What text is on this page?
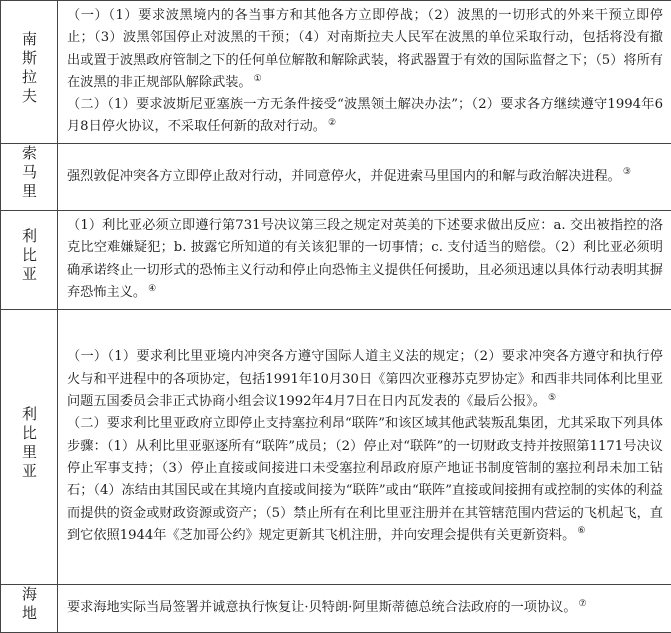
南斯拉夫	（一）（1）要求波黑境内的各当事方和其他各方立即停战；（2）波黑的一切形式的外来干预立即停止；（3）波黑邻国停止对波黑的干预；（4）对南斯拉夫人民军在波黑的单位采取行动，包括将没有撤出或置于波黑政府管制之下的任何单位解散和解除武装，将武器置于有效的国际监督之下；（5）将所有在波黑的非正规部队解除武装。 ①

（二）（1）要求波斯尼亚塞族一方无条件接受“波黑领土解决办法”；（2）要求各方继续遵守1994年6月8日停火协议，不采取任何新的敌对行动。 ②

索马里	强烈敦促冲突各方立即停止敌对行动，并同意停火，并促进索马里国内的和解与政治解决进程。 ③

利比亚	（1）利比亚必须立即遵行第731号决议第三段之规定对英美的下述要求做出反应：a. 交出被指控的洛克比空难嫌疑犯；b. 披露它所知道的有关该犯罪的一切事情；c. 支付适当的赔偿。（2）利比亚必须明确承诺终止一切形式的恐怖主义行动和停止向恐怖主义提供任何援助，且必须迅速以具体行动表明其摒弃恐怖主义。 ④

利比里亚	（一）（1）要求利比里亚境内冲突各方遵守国际人道主义法的规定；（2）要求冲突各方遵守和执行停火与和平进程中的各项协定，包括1991年10月30日《第四次亚穆苏克罗协定》和西非共同体利比里亚问题五国委员会非正式协商小组会议1992年4月7日在日内瓦发表的《最后公报》。 ⑤

（二）要求利比里亚政府立即停止支持塞拉利昂“联阵”和该区域其他武装叛乱集团，尤其采取下列具体步骤：（1）从利比里亚驱逐所有“联阵”成员；（2）停止对“联阵”的一切财政支持并按照第1171号决议停止军事支持；（3）停止直接或间接进口未受塞拉利昂政府原产地证书制度管制的塞拉利昂未加工钻石；（4）冻结由其国民或在其境内直接或间接为“联阵”或由“联阵”直接或间接拥有或控制的实体的利益而提供的资金或财政资源或资产；（5）禁止所有在利比里亚注册并在其管辖范围内营运的飞机起飞，直到它依照1944年《芝加哥公约》规定更新其飞机注册，并向安理会提供有关更新资料。 ⑥

海地	要求海地实际当局签署并诚意执行恢复让·贝特朗·阿里斯蒂德总统合法政府的一项协议。 ⑦
